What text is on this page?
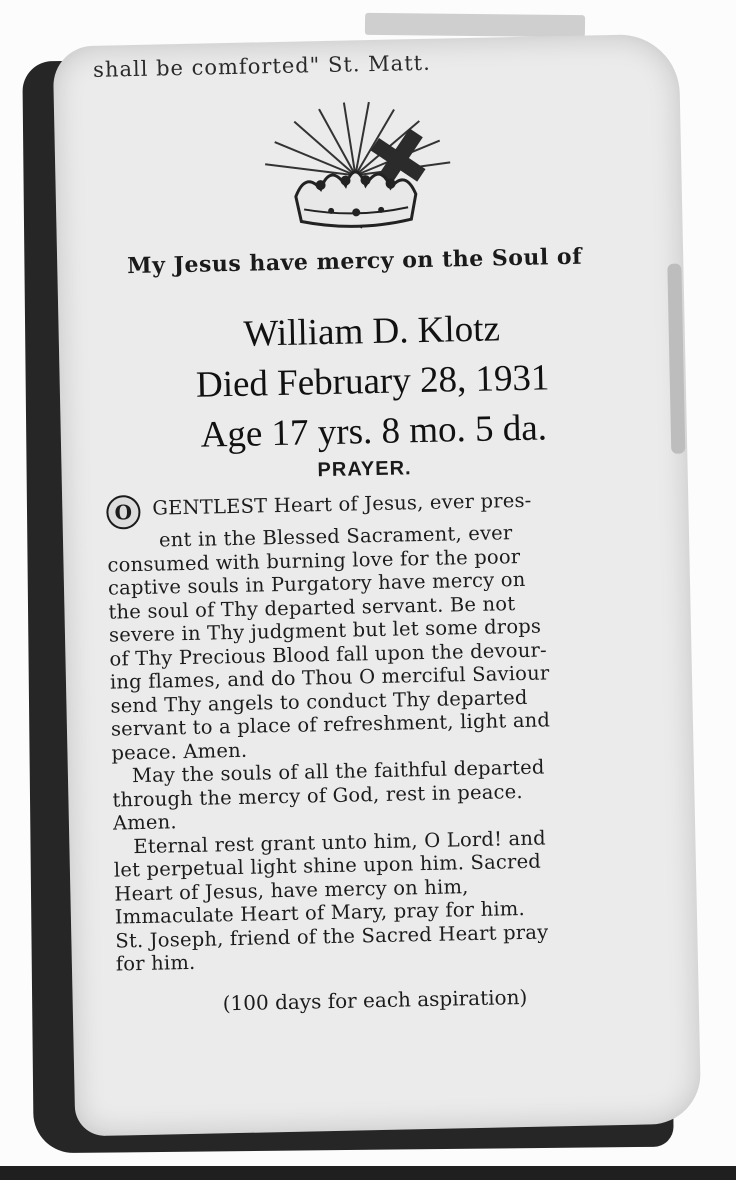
shall be comforted" St. Matt.
My Jesus have mercy on the Soul of
William D. Klotz
Died February 28, 1931
Age 17 yrs. 8 mo. 5 da.
PRAYER.
O GENTLEST Heart of Jesus, ever pres-
ent in the Blessed Sacrament, ever
consumed with burning love for the poor
captive souls in Purgatory have mercy on
the soul of Thy departed servant. Be not
severe in Thy judgment but let some drops
of Thy Precious Blood fall upon the devour-
ing flames, and do Thou O merciful Saviour
send Thy angels to conduct Thy departed
servant to a place of refreshment, light and
peace. Amen.
May the souls of all the faithful departed
through the mercy of God, rest in peace.
Amen.
Eternal rest grant unto him, O Lord! and
let perpetual light shine upon him. Sacred
Heart of Jesus, have mercy on him,
Immaculate Heart of Mary, pray for him.
St. Joseph, friend of the Sacred Heart pray
for him.
(100 days for each aspiration)
